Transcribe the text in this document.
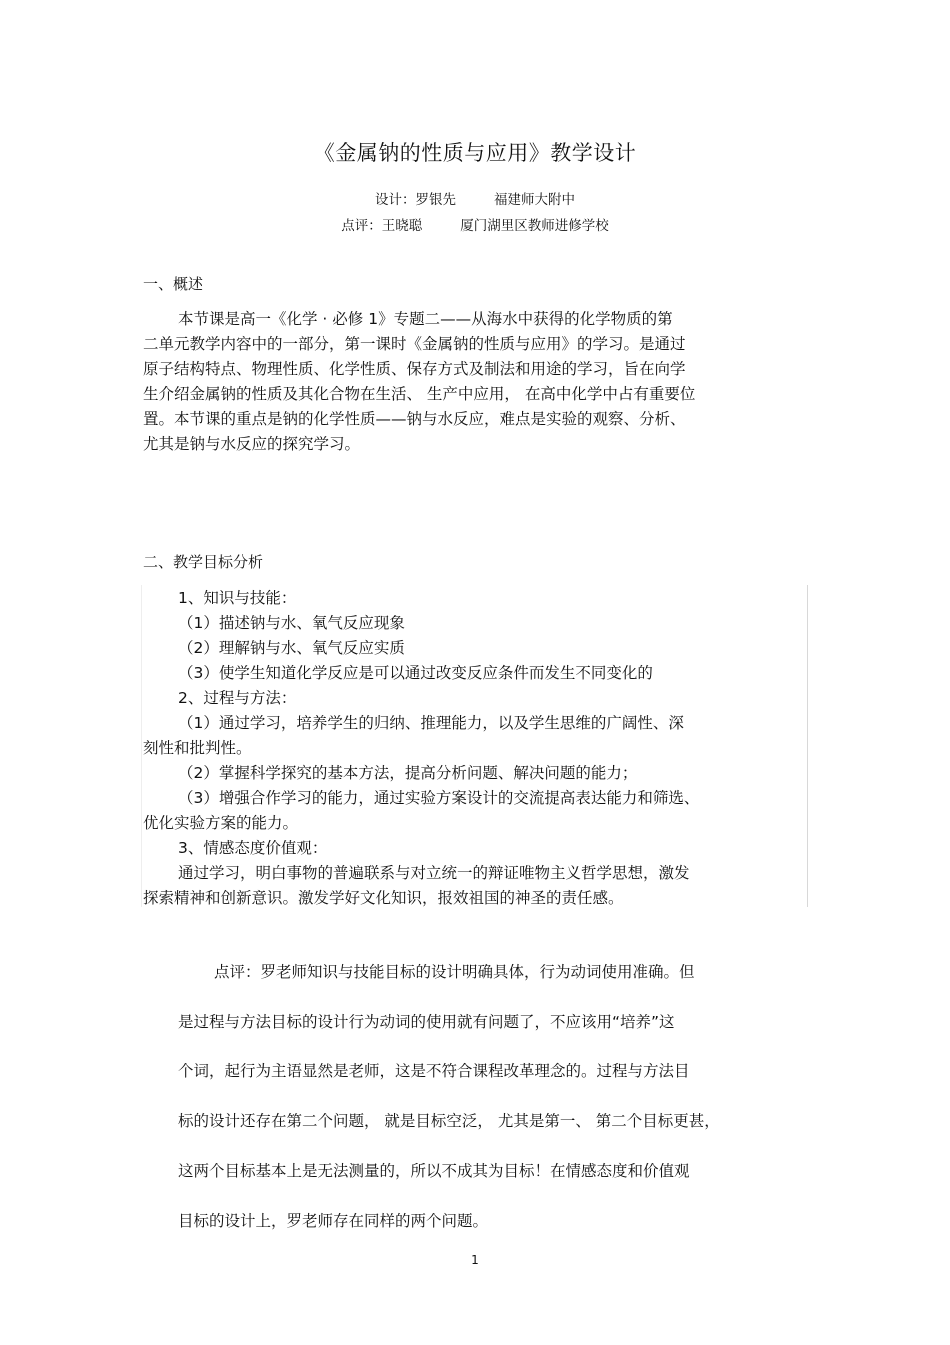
《金属钠的性质与应用》教学设计
设计：罗银先	福建师大附中
点评：王晓聪	厦门湖里区教师进修学校
一、概述
本节课是高一《化学 · 必修 1》专题二——从海水中获得的化学物质的第
二单元教学内容中的一部分，第一课时《金属钠的性质与应用》的学习。是通过
原子结构特点、物理性质、化学性质、保存方式及制法和用途的学习，旨在向学
生介绍金属钠的性质及其化合物在生活、 生产中应用， 在高中化学中占有重要位
置。本节课的重点是钠的化学性质——钠与水反应，难点是实验的观察、分析、
尤其是钠与水反应的探究学习。
二、教学目标分析
1、知识与技能：
（1）描述钠与水、氧气反应现象
（2）理解钠与水、氧气反应实质
（3）使学生知道化学反应是可以通过改变反应条件而发生不同变化的
2、过程与方法：
（1）通过学习，培养学生的归纳、推理能力，以及学生思维的广阔性、深
刻性和批判性。
（2）掌握科学探究的基本方法，提高分析问题、解决问题的能力；
（3）增强合作学习的能力，通过实验方案设计的交流提高表达能力和筛选、
优化实验方案的能力。
3、情感态度价值观：
通过学习，明白事物的普遍联系与对立统一的辩证唯物主义哲学思想，激发
探索精神和创新意识。激发学好文化知识，报效祖国的神圣的责任感。
点评：罗老师知识与技能目标的设计明确具体，行为动词使用准确。但
是过程与方法目标的设计行为动词的使用就有问题了，不应该用“培养”这
个词，起行为主语显然是老师，这是不符合课程改革理念的。过程与方法目
标的设计还存在第二个问题， 就是目标空泛， 尤其是第一、 第二个目标更甚，
这两个目标基本上是无法测量的，所以不成其为目标！在情感态度和价值观
目标的设计上，罗老师存在同样的两个问题。
1
